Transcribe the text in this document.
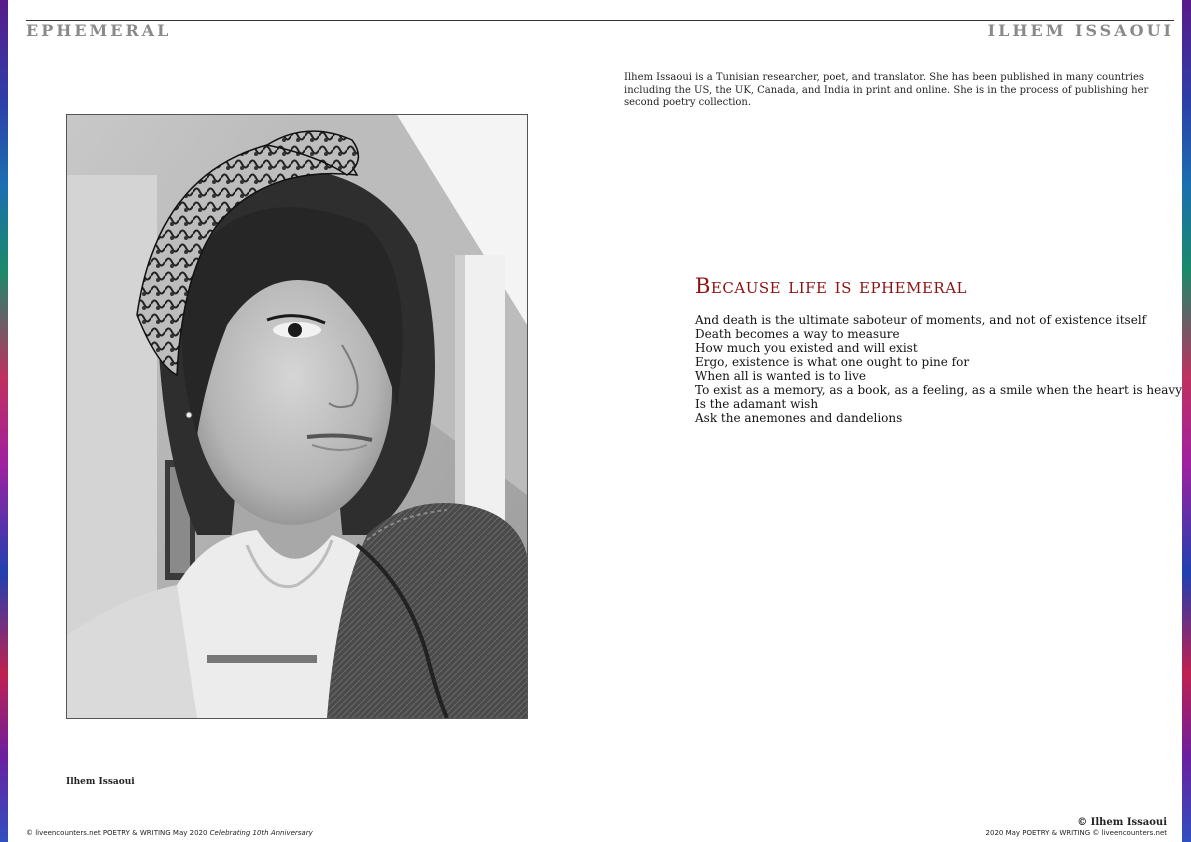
EPHEMERAL	ILHEM ISSAOUI
Ilhem Issaoui is a Tunisian researcher, poet, and translator. She has been published in many countries including the US, the UK, Canada, and India in print and online. She is in the process of publishing her second poetry collection.
Ilhem Issaoui
Because life is ephemeral
And death is the ultimate saboteur of moments, and not of existence itself
Death becomes a way to measure
How much you existed and will exist
Ergo, existence is what one ought to pine for
When all is wanted is to live
To exist as a memory, as a book, as a feeling, as a smile when the heart is heavy
Is the adamant wish
Ask the anemones and dandelions
© Ilhem Issaoui
© liveencounters.net POETRY & WRITING May 2020 Celebrating 10th Anniversary	2020 May POETRY & WRITING © liveencounters.net
